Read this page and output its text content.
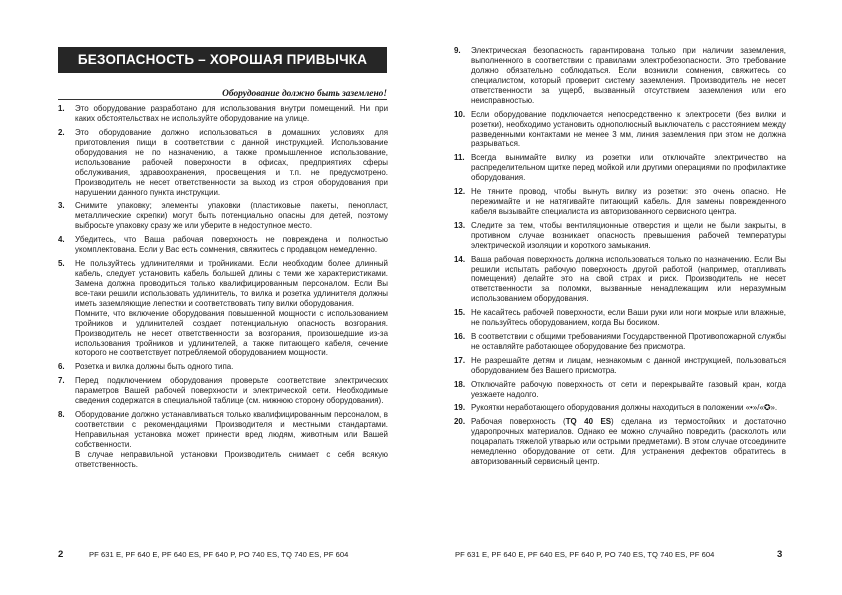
БЕЗОПАСНОСТЬ – ХОРОШАЯ ПРИВЫЧКА
Оборудование должно быть заземлено!
1. Это оборудование разработано для использования внутри помещений. Ни при каких обстоятельствах не используйте оборудование на улице.
2. Это оборудование должно использоваться в домашних условиях для приготовления пищи в соответствии с данной инструкцией. Использование оборудования не по назначению, а также промышленное использование, использование рабочей поверхности в офисах, предприятиях сферы обслуживания, здравоохранения, просвещения и т.п. не предусмотрено. Производитель не несет ответственности за выход из строя оборудования при нарушении данного пункта инструкции.
3. Снимите упаковку; элементы упаковки (пластиковые пакеты, пенопласт, металлические скрепки) могут быть потенциально опасны для детей, поэтому выбросьте упаковку сразу же или уберите в недоступное место.
4. Убедитесь, что Ваша рабочая поверхность не повреждена и полностью укомплектована. Если у Вас есть сомнения, свяжитесь с продавцом немедленно.
5. Не пользуйтесь удлинителями и тройниками. Если необходим более длинный кабель, следует установить кабель большей длины с теми же характеристиками. Замена должна проводиться только квалифицированным персоналом. Если Вы все-таки решили использовать удлинитель, то вилка и розетка удлинителя должны иметь заземляющие лепестки и соответствовать типу вилки оборудования.
Помните, что включение оборудования повышенной мощности с использованием тройников и удлинителей создает потенциальную опасность возгорания. Производитель не несет ответственности за возгорания, произошедшие из-за использования тройников и удлинителей, а также питающего кабеля, сечение которого не соответствует потребляемой оборудованием мощности.
6. Розетка и вилка должны быть одного типа.
7. Перед подключением оборудования проверьте соответствие электрических параметров Вашей рабочей поверхности и электрической сети. Необходимые сведения содержатся в специальной таблице (см. нижнюю сторону оборудования).
8. Оборудование должно устанавливаться только квалифицированным персоналом, в соответствии с рекомендациями Производителя и местными стандартами. Неправильная установка может принести вред людям, животным или Вашей собственности.
В случае неправильной установки Производитель снимает с себя всякую ответственность.
2	PF 631 E, PF 640 E, PF 640 ES, PF 640 P, PO 740 ES, TQ 740 ES, PF 604
9. Электрическая безопасность гарантирована только при наличии заземления, выполненного в соответствии с правилами электробезопасности. Это требование должно обязательно соблюдаться. Если возникли сомнения, свяжитесь со специалистом, который проверит систему заземления. Производитель не несет ответственности за ущерб, вызванный отсутствием заземления или его неисправностью.
10. Если оборудование подключается непосредственно к электросети (без вилки и розетки), необходимо установить однополюсный выключатель с расстоянием между разведенными контактами не менее 3 мм, линия заземления при этом не должна разрываться.
11. Всегда вынимайте вилку из розетки или отключайте электричество на распределительном щитке перед мойкой или другими операциями по профилактике оборудования.
12. Не тяните провод, чтобы вынуть вилку из розетки: это очень опасно. Не пережимайте и не натягивайте питающий кабель. Для замены поврежденного кабеля вызывайте специалиста из авторизованного сервисного центра.
13. Следите за тем, чтобы вентиляционные отверстия и щели не были закрыты, в противном случае возникает опасность превышения рабочей температуры электрической изоляции и короткого замыкания.
14. Ваша рабочая поверхность должна использоваться только по назначению. Если Вы решили испытать рабочую поверхность другой работой (например, отапливать помещения) делайте это на свой страх и риск. Производитель не несет ответственности за поломки, вызванные ненадлежащим или неразумным использованием оборудования.
15. Не касайтесь рабочей поверхности, если Ваши руки или ноги мокрые или влажные, не пользуйтесь оборудованием, когда Вы босиком.
16. В соответствии с общими требованиями Государственной Противопожарной службы не оставляйте работающее оборудование без присмотра.
17. Не разрешайте детям и лицам, незнакомым с данной инструкцией, пользоваться оборудованием без Вашего присмотра.
18. Отключайте рабочую поверхность от сети и перекрывайте газовый кран, когда уезжаете надолго.
19. Рукоятки неработающего оборудования должны находиться в положении «•»/«✪».
20. Рабочая поверхность (TQ 40 ES) сделана из термостойких и достаточно ударопрочных материалов. Однако ее можно случайно повредить (расколоть или поцарапать тяжелой утварью или острыми предметами). В этом случае отсоедините немедленно оборудование от сети. Для устранения дефектов обратитесь в авторизованный сервисный центр.
PF 631 E, PF 640 E, PF 640 ES, PF 640 P, PO 740 ES, TQ 740 ES, PF 604	3
